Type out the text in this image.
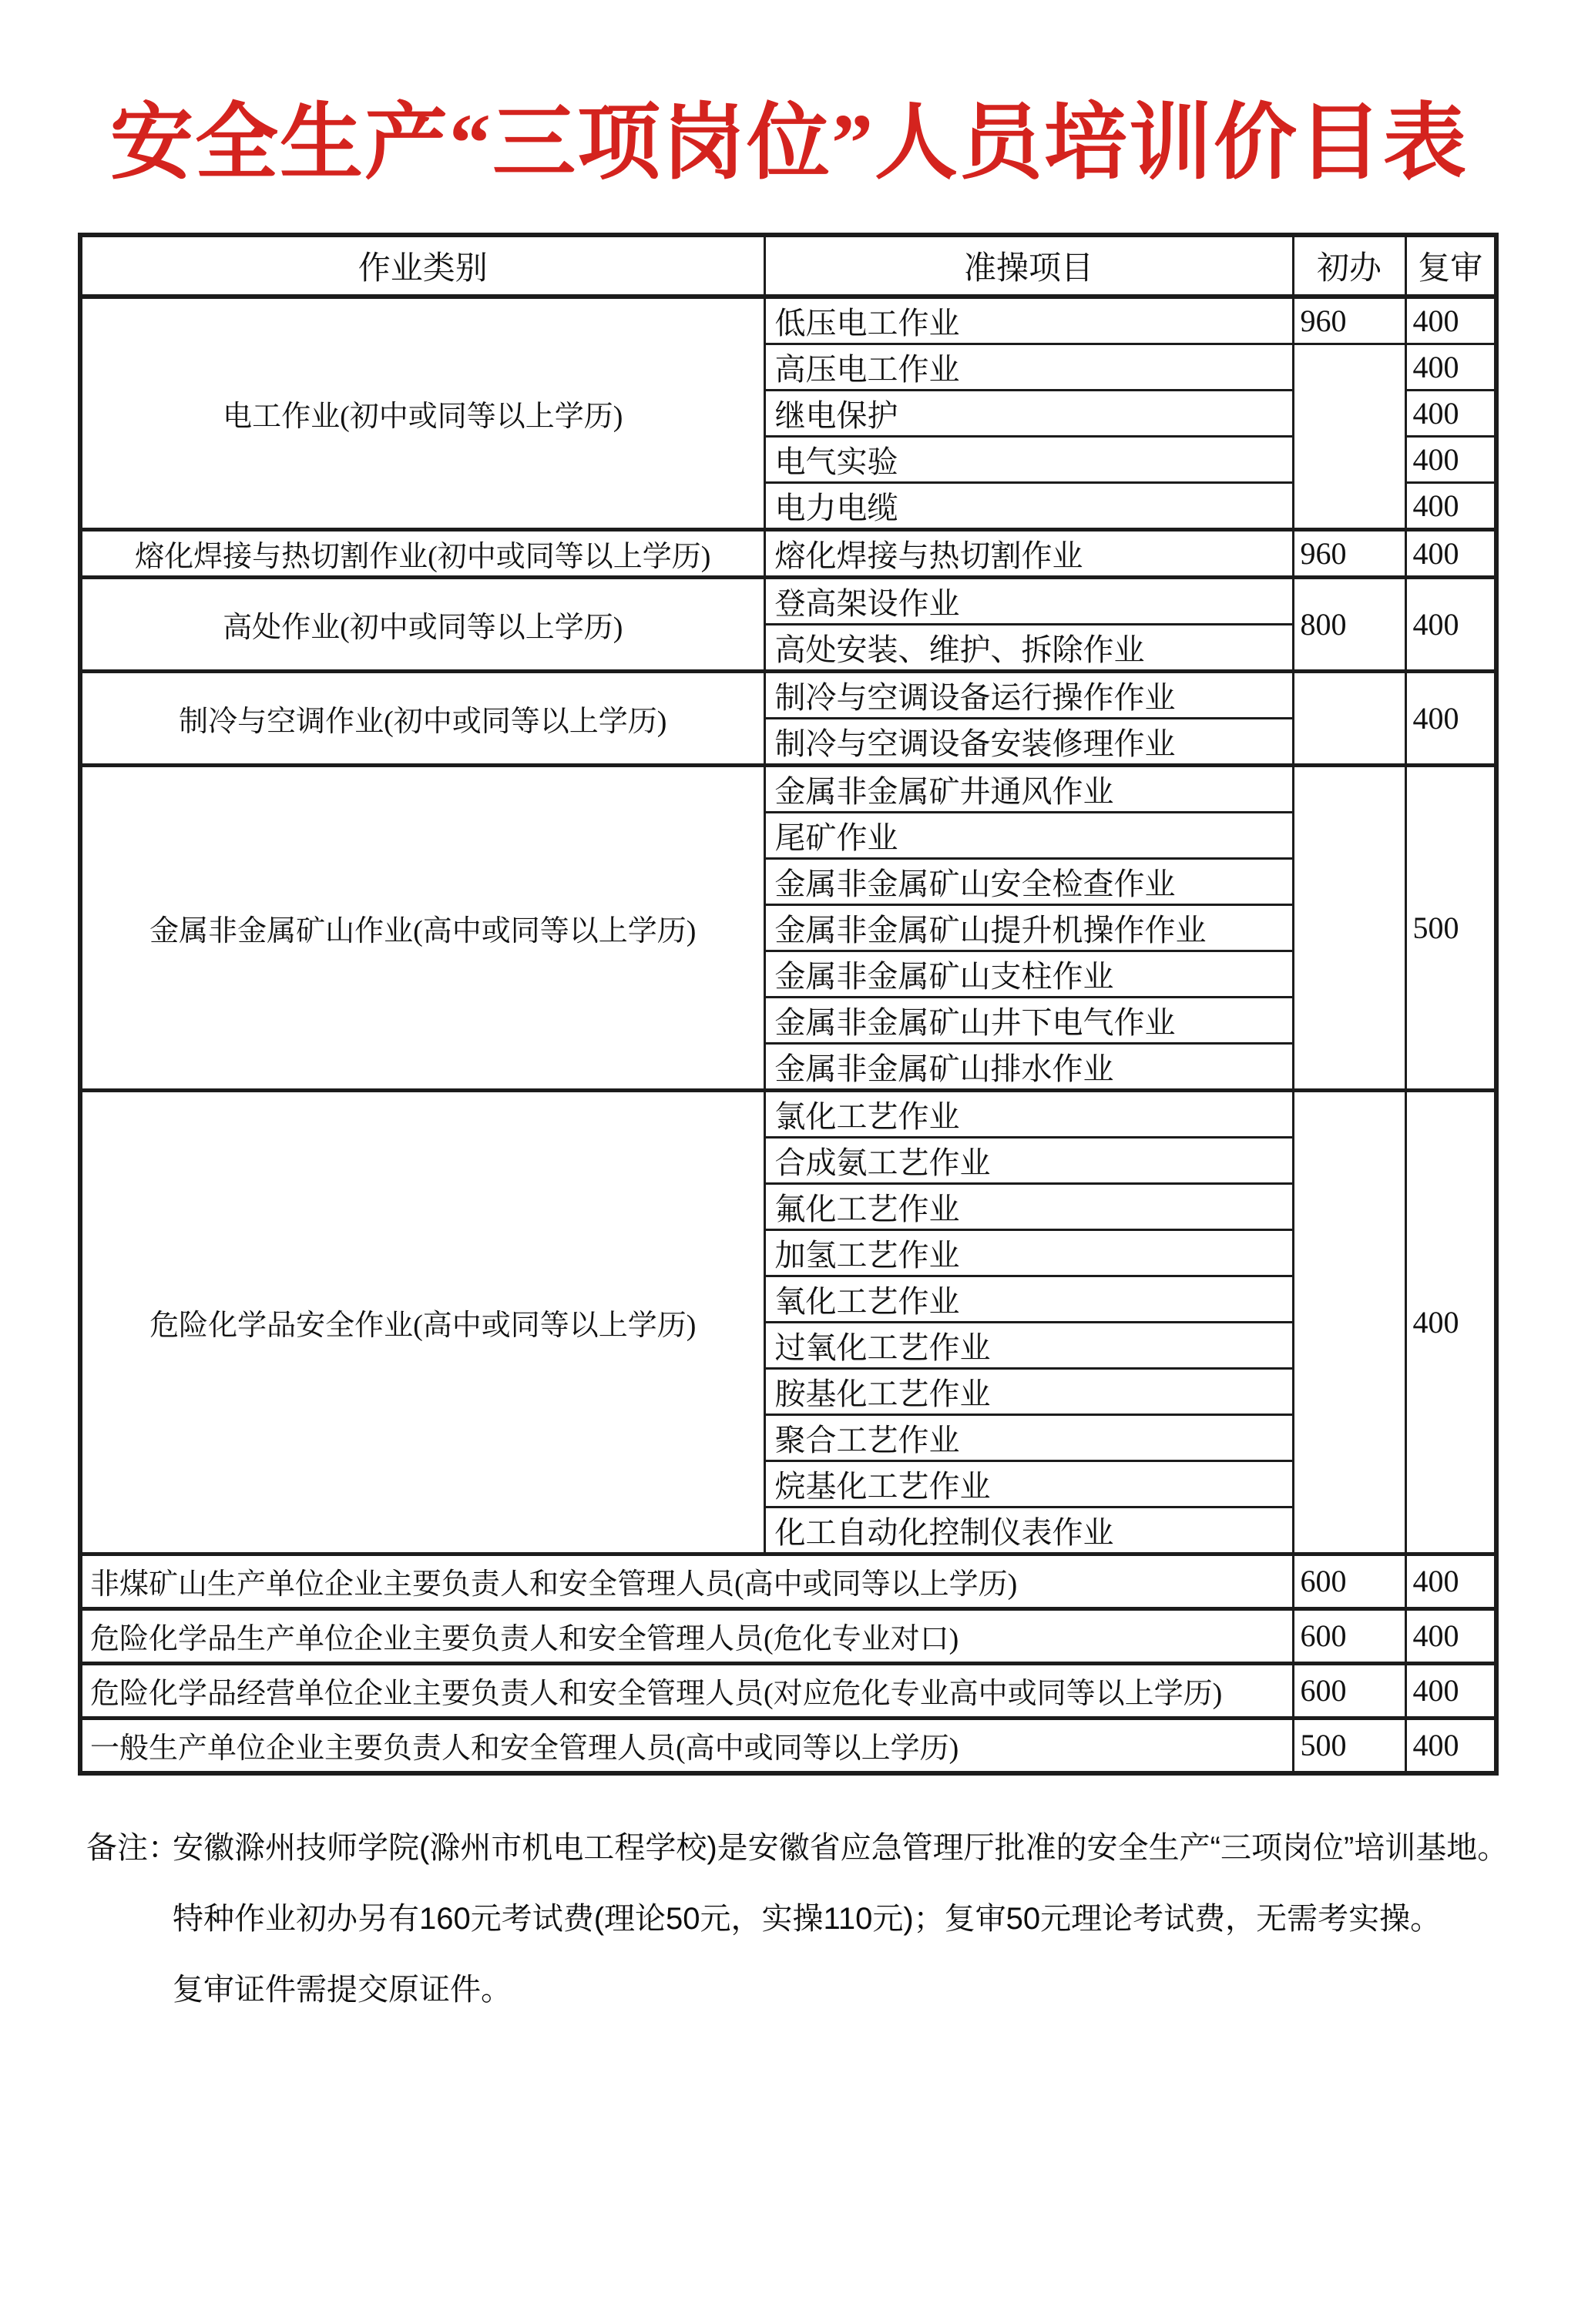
安全生产“三项岗位”人员培训价目表
作业类别	准操项目	初办	复审
电工作业(初中或同等以上学历)	低压电工作业	960	400
	高压电工作业		400
	继电保护		400
	电气实验		400
	电力电缆		400
熔化焊接与热切割作业(初中或同等以上学历)	熔化焊接与热切割作业	960	400
高处作业(初中或同等以上学历)	登高架设作业	800	400
	高处安装、维护、拆除作业		
制冷与空调作业(初中或同等以上学历)	制冷与空调设备运行操作作业		400
	制冷与空调设备安装修理作业		
金属非金属矿山作业(高中或同等以上学历)	金属非金属矿井通风作业		500
	尾矿作业		
	金属非金属矿山安全检查作业		
	金属非金属矿山提升机操作作业		
	金属非金属矿山支柱作业		
	金属非金属矿山井下电气作业		
	金属非金属矿山排水作业		
危险化学品安全作业(高中或同等以上学历)	氯化工艺作业		400
	合成氨工艺作业		
	氟化工艺作业		
	加氢工艺作业		
	氧化工艺作业		
	过氧化工艺作业		
	胺基化工艺作业		
	聚合工艺作业		
	烷基化工艺作业		
	化工自动化控制仪表作业		
非煤矿山生产单位企业主要负责人和安全管理人员(高中或同等以上学历)		600	400
危险化学品生产单位企业主要负责人和安全管理人员(危化专业对口)		600	400
危险化学品经营单位企业主要负责人和安全管理人员(对应危化专业高中或同等以上学历)		600	400
一般生产单位企业主要负责人和安全管理人员(高中或同等以上学历)		500	400
备注：安徽滁州技师学院(滁州市机电工程学校)是安徽省应急管理厅批准的安全生产“三项岗位”培训基地。
特种作业初办另有160元考试费(理论50元，实操110元)；复审50元理论考试费，无需考实操。
复审证件需提交原证件。
